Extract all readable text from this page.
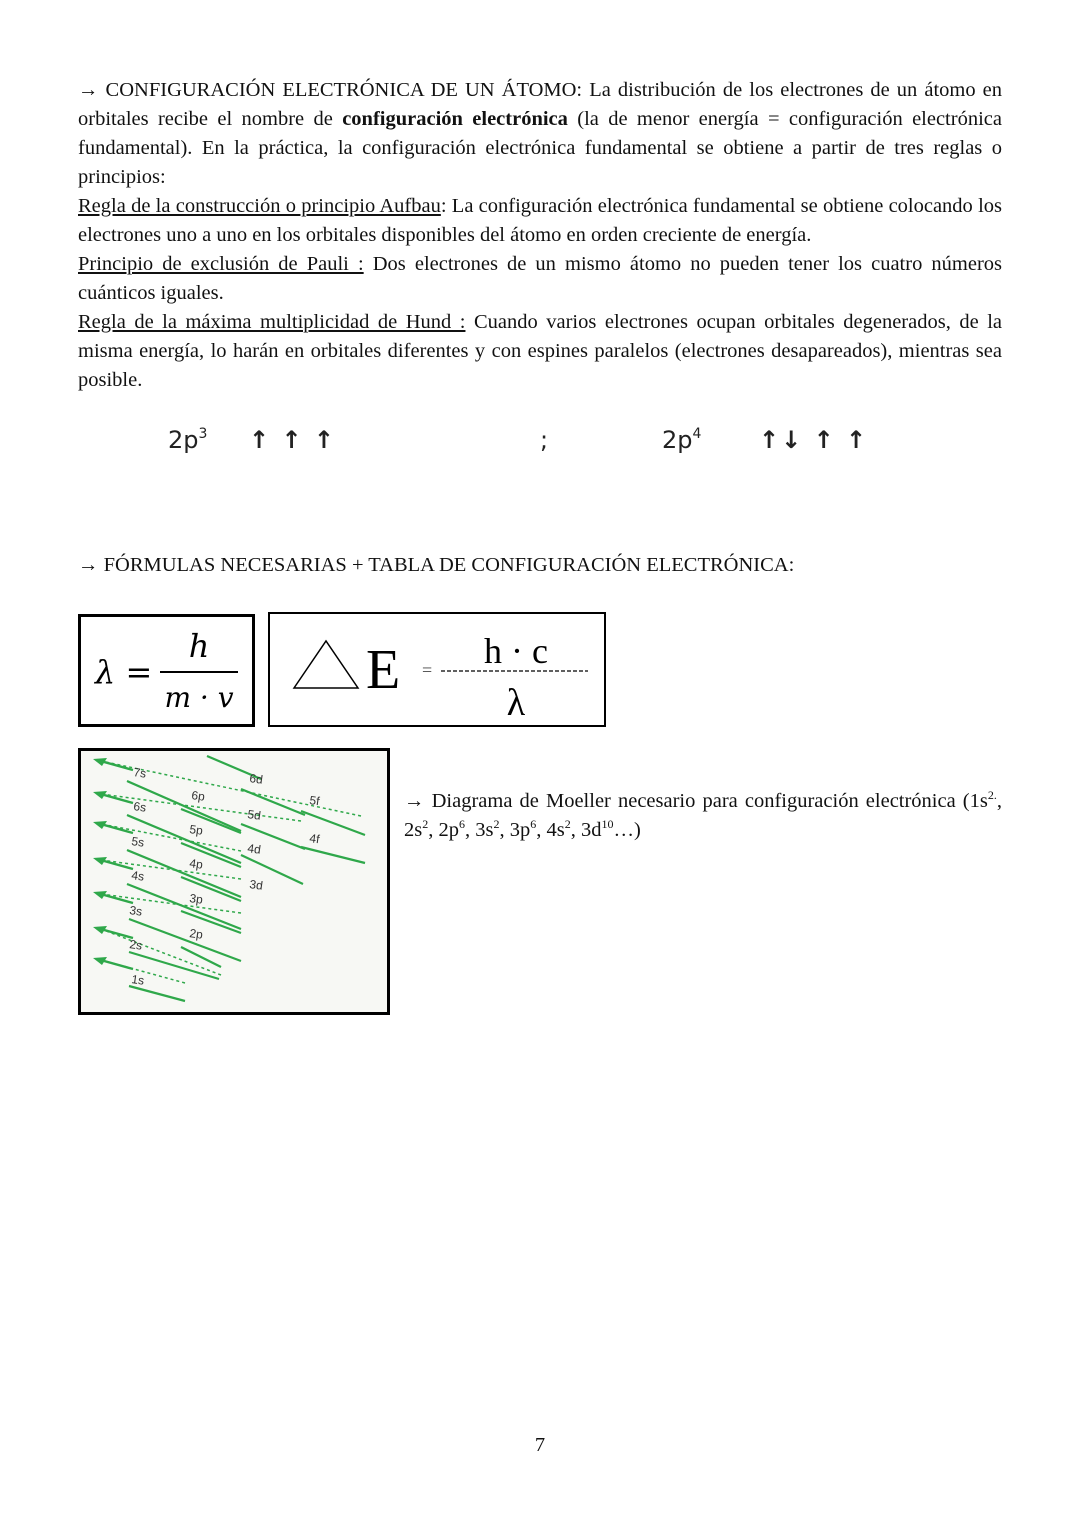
→ CONFIGURACIÓN ELECTRÓNICA DE UN ÁTOMO: La distribución de los electrones de un átomo en orbitales recibe el nombre de configuración electrónica (la de menor energía = configuración electrónica fundamental). En la práctica, la configuración electrónica fundamental se obtiene a partir de tres reglas o principios:

Regla de la construcción o principio Aufbau: La configuración electrónica fundamental se obtiene colocando los electrones uno a uno en los orbitales disponibles del átomo en orden creciente de energía.

Principio de exclusión de Pauli : Dos electrones de un mismo átomo no pueden tener los cuatro números cuánticos iguales.

Regla de la máxima multiplicidad de Hund : Cuando varios electrones ocupan orbitales degenerados, de la misma energía, lo harán en orbitales diferentes y con espines paralelos (electrones desapareados), mientras sea posible.

$2p^3$ ↑ ↑ ↑	;	$2p^4$ ↑↓ ↑ ↑
→ FÓRMULAS NECESARIAS + TABLA DE CONFIGURACIÓN ELECTRÓNICA:
λ =
h
m · v E = h · c
λ
7s
6s
5s
4s
3s
2s
1s
6p
5p
4p
3p
2p
6d
5d
4d
3d
5f
4f
→ Diagrama de Moeller necesario para configuración electrónica ($1s^{2.}$, $2s^2$, $2p^6$, $3s^2$, $3p^6$, $4s^2$, $3d^{10}\dots$)
7
